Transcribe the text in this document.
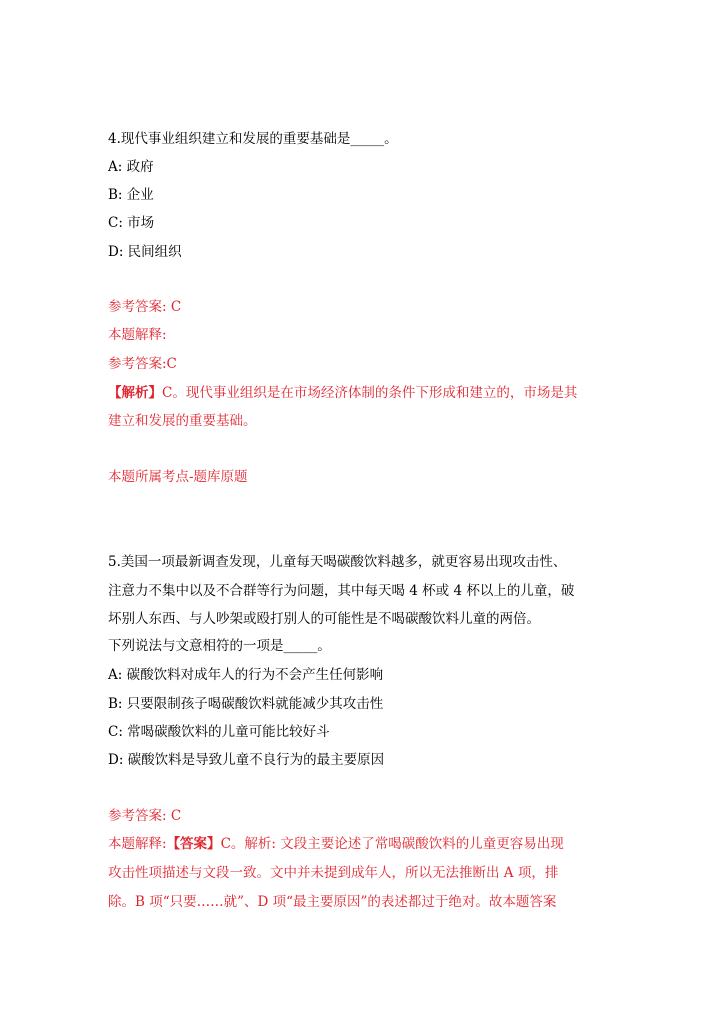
4.现代事业组织建立和发展的重要基础是_____。
A: 政府
B: 企业
C: 市场
D: 民间组织
参考答案: C
本题解释:
参考答案:C
【解析】C。现代事业组织是在市场经济体制的条件下形成和建立的，市场是其
建立和发展的重要基础。
本题所属考点-题库原题
5.美国一项最新调查发现，儿童每天喝碳酸饮料越多，就更容易出现攻击性、
注意力不集中以及不合群等行为问题，其中每天喝 4 杯或 4 杯以上的儿童，破
坏别人东西、与人吵架或殴打别人的可能性是不喝碳酸饮料儿童的两倍。
下列说法与文意相符的一项是_____。
A: 碳酸饮料对成年人的行为不会产生任何影响
B: 只要限制孩子喝碳酸饮料就能减少其攻击性
C: 常喝碳酸饮料的儿童可能比较好斗
D: 碳酸饮料是导致儿童不良行为的最主要原因
参考答案: C
本题解释:【答案】C。解析: 文段主要论述了常喝碳酸饮料的儿童更容易出现
攻击性项描述与文段一致。文中并未提到成年人，所以无法推断出 A 项，排
除。B 项“只要……就”、D 项“最主要原因”的表述都过于绝对。故本题答案
